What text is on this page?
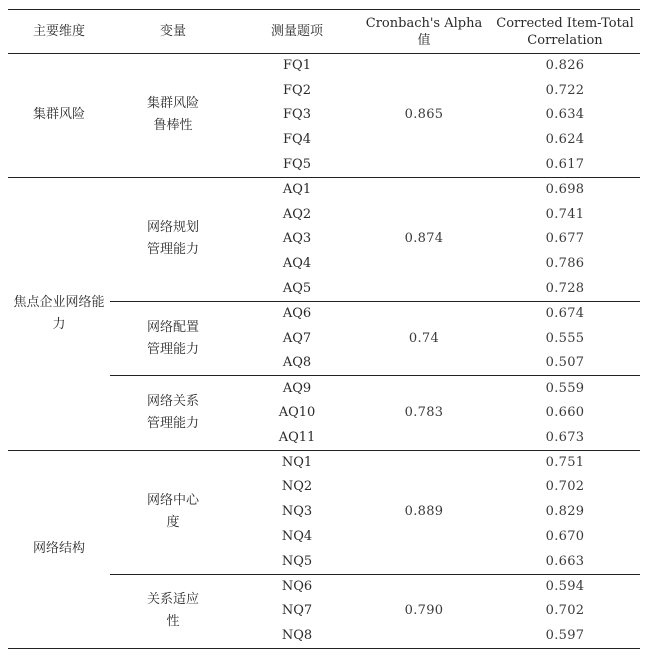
主要维度	变量	测量题项	Cronbach's Alpha 值	Corrected Item-Total Correlation
集群风险	集群风险鲁棒性	FQ1	0.865	0.826
		FQ2		0.722
		FQ3		0.634
		FQ4		0.624
		FQ5		0.617
焦点企业网络能力	网络规划管理能力	AQ1	0.874	0.698
		AQ2		0.741
		AQ3		0.677
		AQ4		0.786
		AQ5		0.728
	网络配置管理能力	AQ6	0.74	0.674
		AQ7		0.555
		AQ8		0.507
	网络关系管理能力	AQ9	0.783	0.559
		AQ10		0.660
		AQ11		0.673
网络结构	网络中心度	NQ1	0.889	0.751
		NQ2		0.702
		NQ3		0.829
		NQ4		0.670
		NQ5		0.663
	关系适应性	NQ6	0.790	0.594
		NQ7		0.702
		NQ8		0.597
